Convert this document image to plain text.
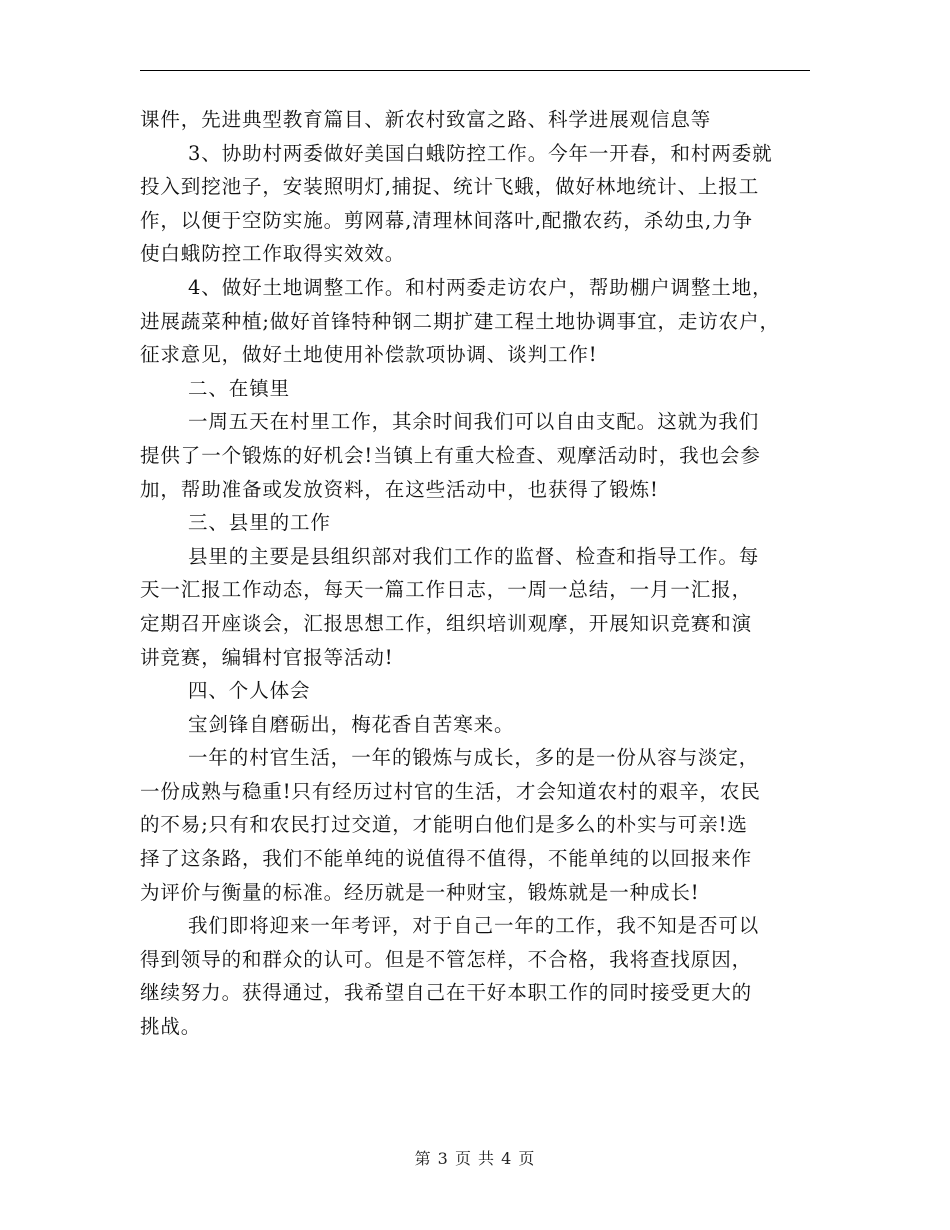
课件，先进典型教育篇目、新农村致富之路、科学进展观信息等
3、协助村两委做好美国白蛾防控工作。今年一开春，和村两委就
投入到挖池子，安装照明灯,捕捉、统计飞蛾，做好林地统计、上报工
作，以便于空防实施。剪网幕,清理林间落叶,配撒农药，杀幼虫,力争
使白蛾防控工作取得实效效。
4、做好土地调整工作。和村两委走访农户，帮助棚户调整土地，
进展蔬菜种植;做好首锋特种钢二期扩建工程土地协调事宜，走访农户，
征求意见，做好土地使用补偿款项协调、谈判工作!
二、在镇里
一周五天在村里工作，其余时间我们可以自由支配。这就为我们
提供了一个锻炼的好机会!当镇上有重大检查、观摩活动时，我也会参
加，帮助准备或发放资料，在这些活动中，也获得了锻炼!
三、县里的工作
县里的主要是县组织部对我们工作的监督、检查和指导工作。每
天一汇报工作动态，每天一篇工作日志，一周一总结，一月一汇报，
定期召开座谈会，汇报思想工作，组织培训观摩，开展知识竞赛和演
讲竞赛，编辑村官报等活动!
四、个人体会
宝剑锋自磨砺出，梅花香自苦寒来。
一年的村官生活，一年的锻炼与成长，多的是一份从容与淡定，
一份成熟与稳重!只有经历过村官的生活，才会知道农村的艰辛，农民
的不易;只有和农民打过交道，才能明白他们是多么的朴实与可亲!选
择了这条路，我们不能单纯的说值得不值得，不能单纯的以回报来作
为评价与衡量的标准。经历就是一种财宝，锻炼就是一种成长!
我们即将迎来一年考评，对于自己一年的工作，我不知是否可以
得到领导的和群众的认可。但是不管怎样，不合格，我将查找原因，
继续努力。获得通过，我希望自己在干好本职工作的同时接受更大的
挑战。
第 3 页 共 4 页
